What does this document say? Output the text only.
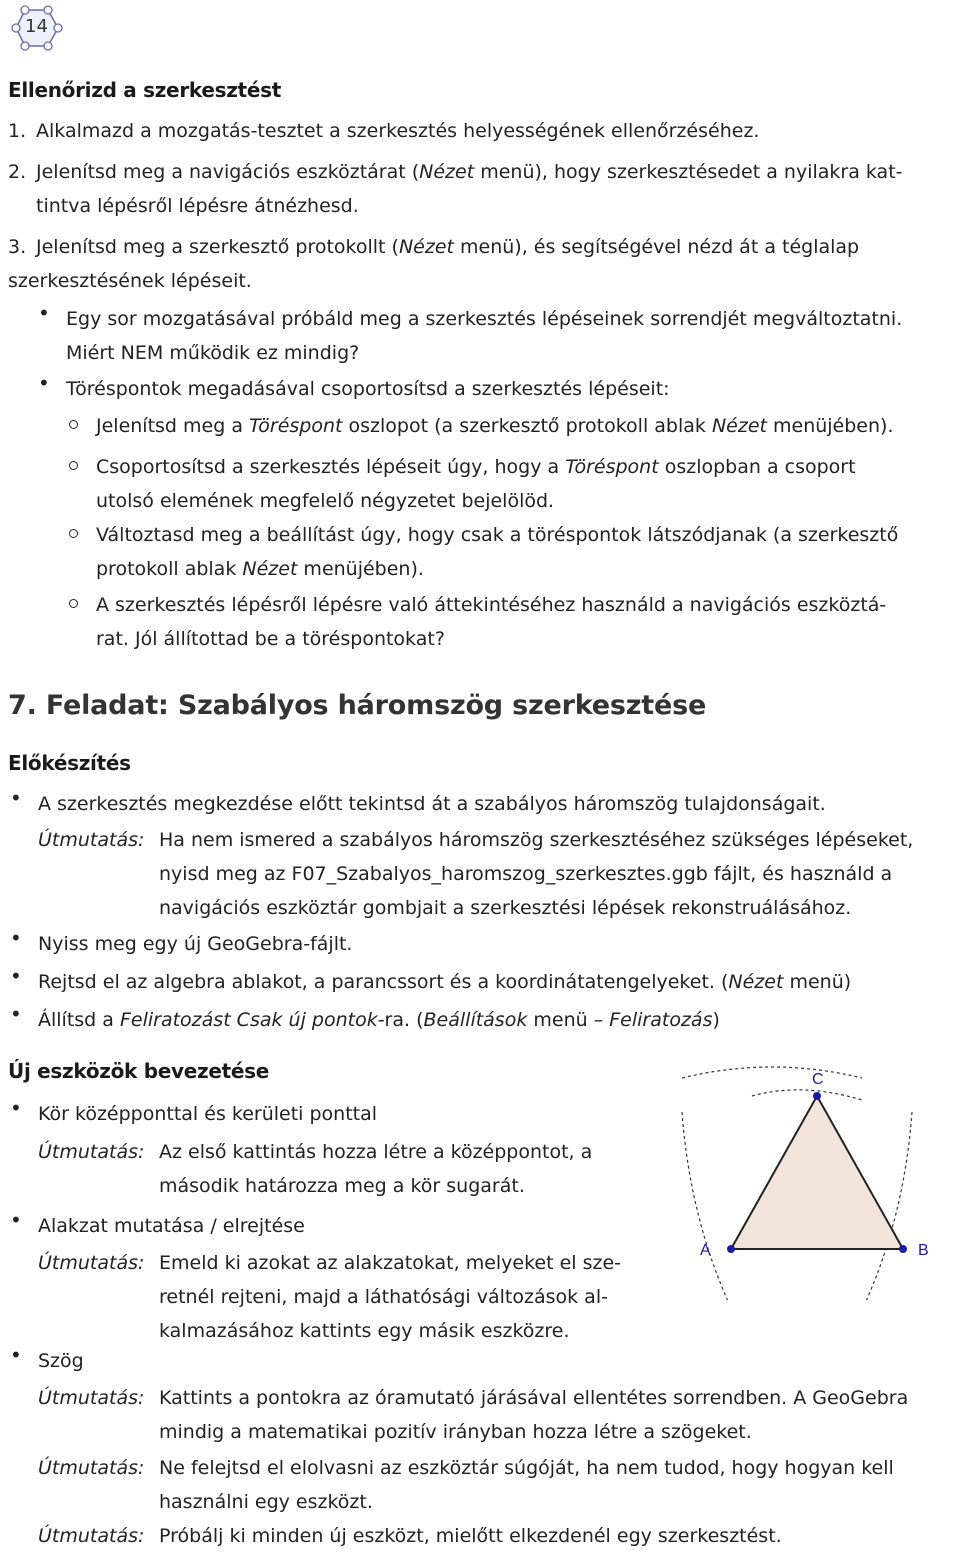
14
Ellenőrizd a szerkesztést
1. Alkalmazd a mozgatás-tesztet a szerkesztés helyességének ellenőrzéséhez.
2. Jelenítsd meg a navigációs eszköztárat (Nézet menü), hogy szerkesztésedet a nyilakra kat-
tintva lépésről lépésre átnézhesd.
3. Jelenítsd meg a szerkesztő protokollt (Nézet menü), és segítségével nézd át a téglalap
szerkesztésének lépéseit.
• Egy sor mozgatásával próbáld meg a szerkesztés lépéseinek sorrendjét megváltoztatni.
Miért NEM működik ez mindig?
• Töréspontok megadásával csoportosítsd a szerkesztés lépéseit:
Jelenítsd meg a Töréspont oszlopot (a szerkesztő protokoll ablak Nézet menüjében).
Csoportosítsd a szerkesztés lépéseit úgy, hogy a Töréspont oszlopban a csoport
utolsó elemének megfelelő négyzetet bejelölöd.
Változtasd meg a beállítást úgy, hogy csak a töréspontok látszódjanak (a szerkesztő
protokoll ablak Nézet menüjében).
A szerkesztés lépésről lépésre való áttekintéséhez használd a navigációs eszköztá-
rat. Jól állítottad be a töréspontokat?
7. Feladat: Szabályos háromszög szerkesztése
Előkészítés
• A szerkesztés megkezdése előtt tekintsd át a szabályos háromszög tulajdonságait.
Útmutatás: Ha nem ismered a szabályos háromszög szerkesztéséhez szükséges lépéseket,
nyisd meg az F07_Szabalyos_haromszog_szerkesztes.ggb fájlt, és használd a
navigációs eszköztár gombjait a szerkesztési lépések rekonstruálásához.
• Nyiss meg egy új GeoGebra-fájlt.
• Rejtsd el az algebra ablakot, a parancssort és a koordinátatengelyeket. (Nézet menü)
• Állítsd a Feliratozást Csak új pontok-ra. (Beállítások menü – Feliratozás)
Új eszközök bevezetése
• Kör középponttal és kerületi ponttal
Útmutatás: Az első kattintás hozza létre a középpontot, a
második határozza meg a kör sugarát.
• Alakzat mutatása / elrejtése
Útmutatás: Emeld ki azokat az alakzatokat, melyeket el sze-
retnél rejteni, majd a láthatósági változások al-
kalmazásához kattints egy másik eszközre.
• Szög
Útmutatás: Kattints a pontokra az óramutató járásával ellentétes sorrendben. A GeoGebra
mindig a matematikai pozitív irányban hozza létre a szögeket.
Útmutatás: Ne felejtsd el elolvasni az eszköztár súgóját, ha nem tudod, hogy hogyan kell
használni egy eszközt.
Útmutatás: Próbálj ki minden új eszközt, mielőtt elkezdenél egy szerkesztést.
A	B
C
